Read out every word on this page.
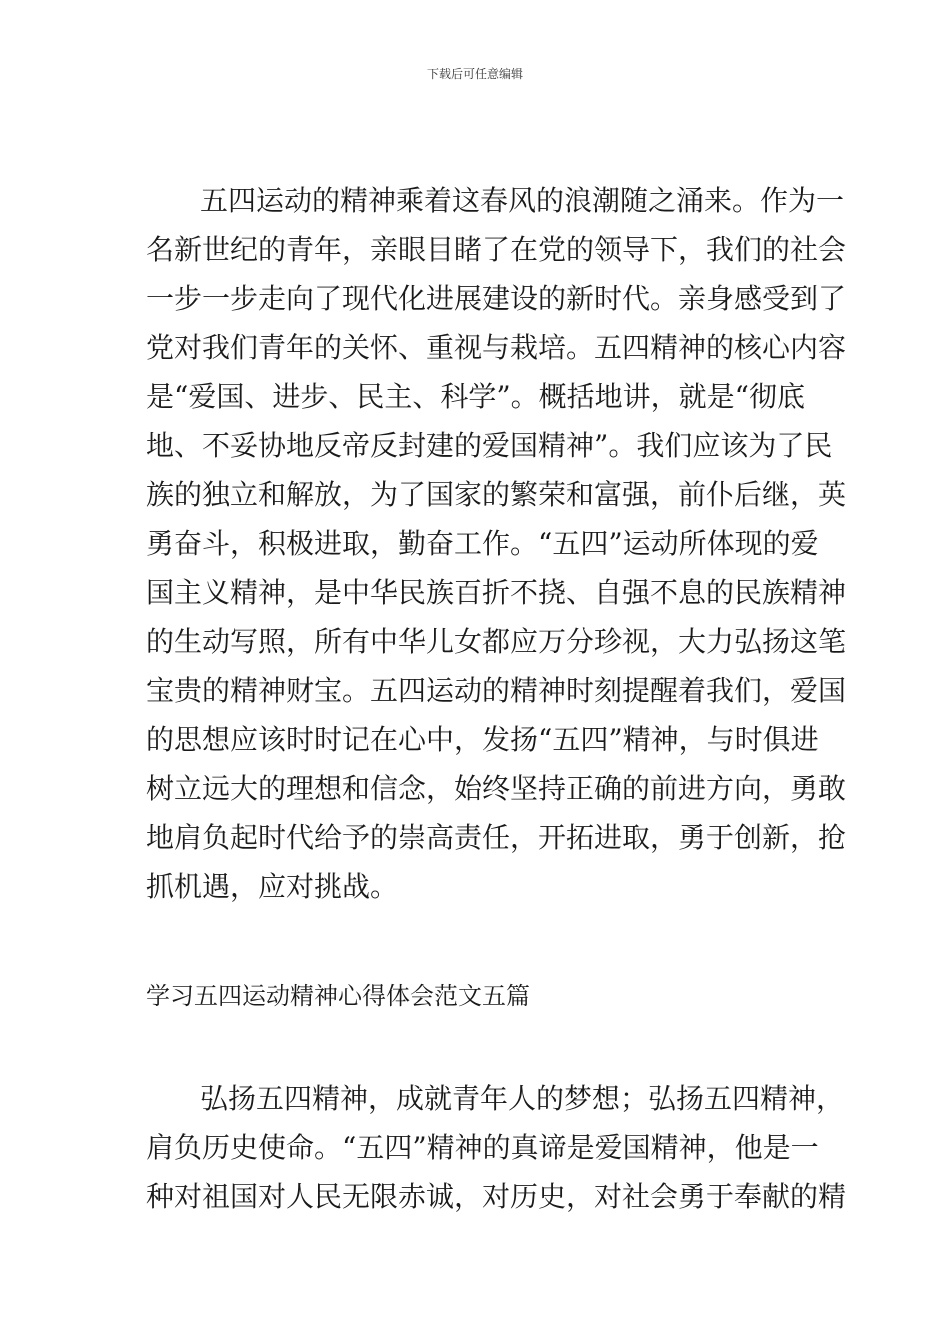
下载后可任意编辑
五四运动的精神乘着这春风的浪潮随之涌来。作为一
名新世纪的青年，亲眼目睹了在党的领导下，我们的社会
一步一步走向了现代化进展建设的新时代。亲身感受到了
党对我们青年的关怀、重视与栽培。五四精神的核心内容
是“爱国、进步、民主、科学”。概括地讲，就是“彻底
地、不妥协地反帝反封建的爱国精神”。我们应该为了民
族的独立和解放，为了国家的繁荣和富强，前仆后继，英
勇奋斗，积极进取，勤奋工作。“五四”运动所体现的爱
国主义精神，是中华民族百折不挠、自强不息的民族精神
的生动写照，所有中华儿女都应万分珍视，大力弘扬这笔
宝贵的精神财宝。五四运动的精神时刻提醒着我们，爱国
的思想应该时时记在心中，发扬“五四”精神，与时俱进
树立远大的理想和信念，始终坚持正确的前进方向，勇敢
地肩负起时代给予的崇高责任，开拓进取，勇于创新，抢
抓机遇，应对挑战。
学习五四运动精神心得体会范文五篇
弘扬五四精神，成就青年人的梦想；弘扬五四精神，
肩负历史使命。“五四”精神的真谛是爱国精神，他是一
种对祖国对人民无限赤诚，对历史，对社会勇于奉献的精
